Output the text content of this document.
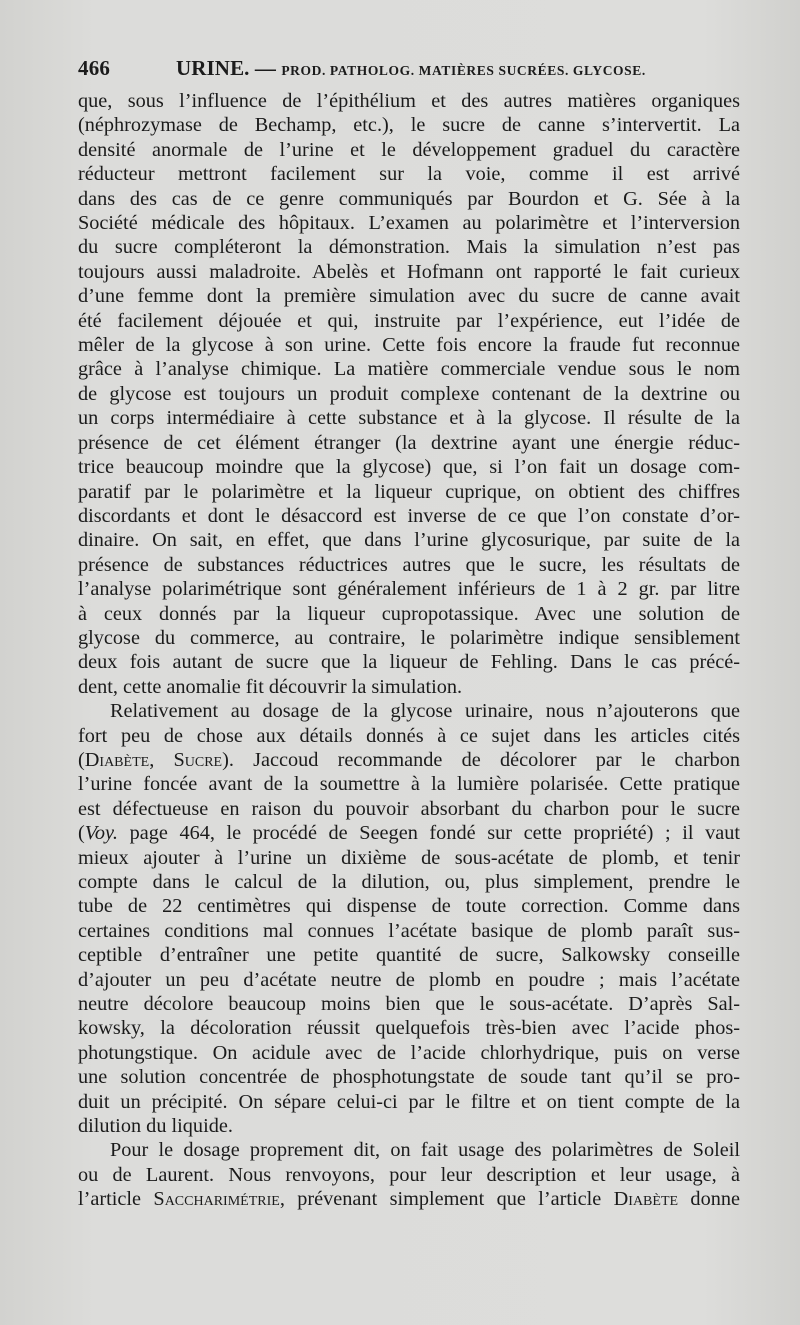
466	URINE. — PROD. PATHOLOG. MATIÈRES SUCRÉES. GLYCOSE.
que, sous l’influence de l’épithélium et des autres matières organiques
(néphrozymase de Bechamp, etc.), le sucre de canne s’intervertit. La
densité anormale de l’urine et le développement graduel du caractère
réducteur mettront facilement sur la voie, comme il est arrivé
dans des cas de ce genre communiqués par Bourdon et G. Sée à la
Société médicale des hôpitaux. L’examen au polarimètre et l’interversion
du sucre compléteront la démonstration. Mais la simulation n’est pas
toujours aussi maladroite. Abelès et Hofmann ont rapporté le fait curieux
d’une femme dont la première simulation avec du sucre de canne avait
été facilement déjouée et qui, instruite par l’expérience, eut l’idée de
mêler de la glycose à son urine. Cette fois encore la fraude fut reconnue
grâce à l’analyse chimique. La matière commerciale vendue sous le nom
de glycose est toujours un produit complexe contenant de la dextrine ou
un corps intermédiaire à cette substance et à la glycose. Il résulte de la
présence de cet élément étranger (la dextrine ayant une énergie réduc-
trice beaucoup moindre que la glycose) que, si l’on fait un dosage com-
paratif par le polarimètre et la liqueur cuprique, on obtient des chiffres
discordants et dont le désaccord est inverse de ce que l’on constate d’or-
dinaire. On sait, en effet, que dans l’urine glycosurique, par suite de la
présence de substances réductrices autres que le sucre, les résultats de
l’analyse polarimétrique sont généralement inférieurs de 1 à 2 gr. par litre
à ceux donnés par la liqueur cupropotassique. Avec une solution de
glycose du commerce, au contraire, le polarimètre indique sensiblement
deux fois autant de sucre que la liqueur de Fehling. Dans le cas précé-
dent, cette anomalie fit découvrir la simulation.
Relativement au dosage de la glycose urinaire, nous n’ajouterons que
fort peu de chose aux détails donnés à ce sujet dans les articles cités
(Diabète, Sucre). Jaccoud recommande de décolorer par le charbon
l’urine foncée avant de la soumettre à la lumière polarisée. Cette pratique
est défectueuse en raison du pouvoir absorbant du charbon pour le sucre
(Voy. page 464, le procédé de Seegen fondé sur cette propriété) ; il vaut
mieux ajouter à l’urine un dixième de sous-acétate de plomb, et tenir
compte dans le calcul de la dilution, ou, plus simplement, prendre le
tube de 22 centimètres qui dispense de toute correction. Comme dans
certaines conditions mal connues l’acétate basique de plomb paraît sus-
ceptible d’entraîner une petite quantité de sucre, Salkowsky conseille
d’ajouter un peu d’acétate neutre de plomb en poudre ; mais l’acétate
neutre décolore beaucoup moins bien que le sous-acétate. D’après Sal-
kowsky, la décoloration réussit quelquefois très-bien avec l’acide phos-
photungstique. On acidule avec de l’acide chlorhydrique, puis on verse
une solution concentrée de phosphotungstate de soude tant qu’il se pro-
duit un précipité. On sépare celui-ci par le filtre et on tient compte de la
dilution du liquide.
Pour le dosage proprement dit, on fait usage des polarimètres de Soleil
ou de Laurent. Nous renvoyons, pour leur description et leur usage, à
l’article Saccharimétrie, prévenant simplement que l’article Diabète donne
